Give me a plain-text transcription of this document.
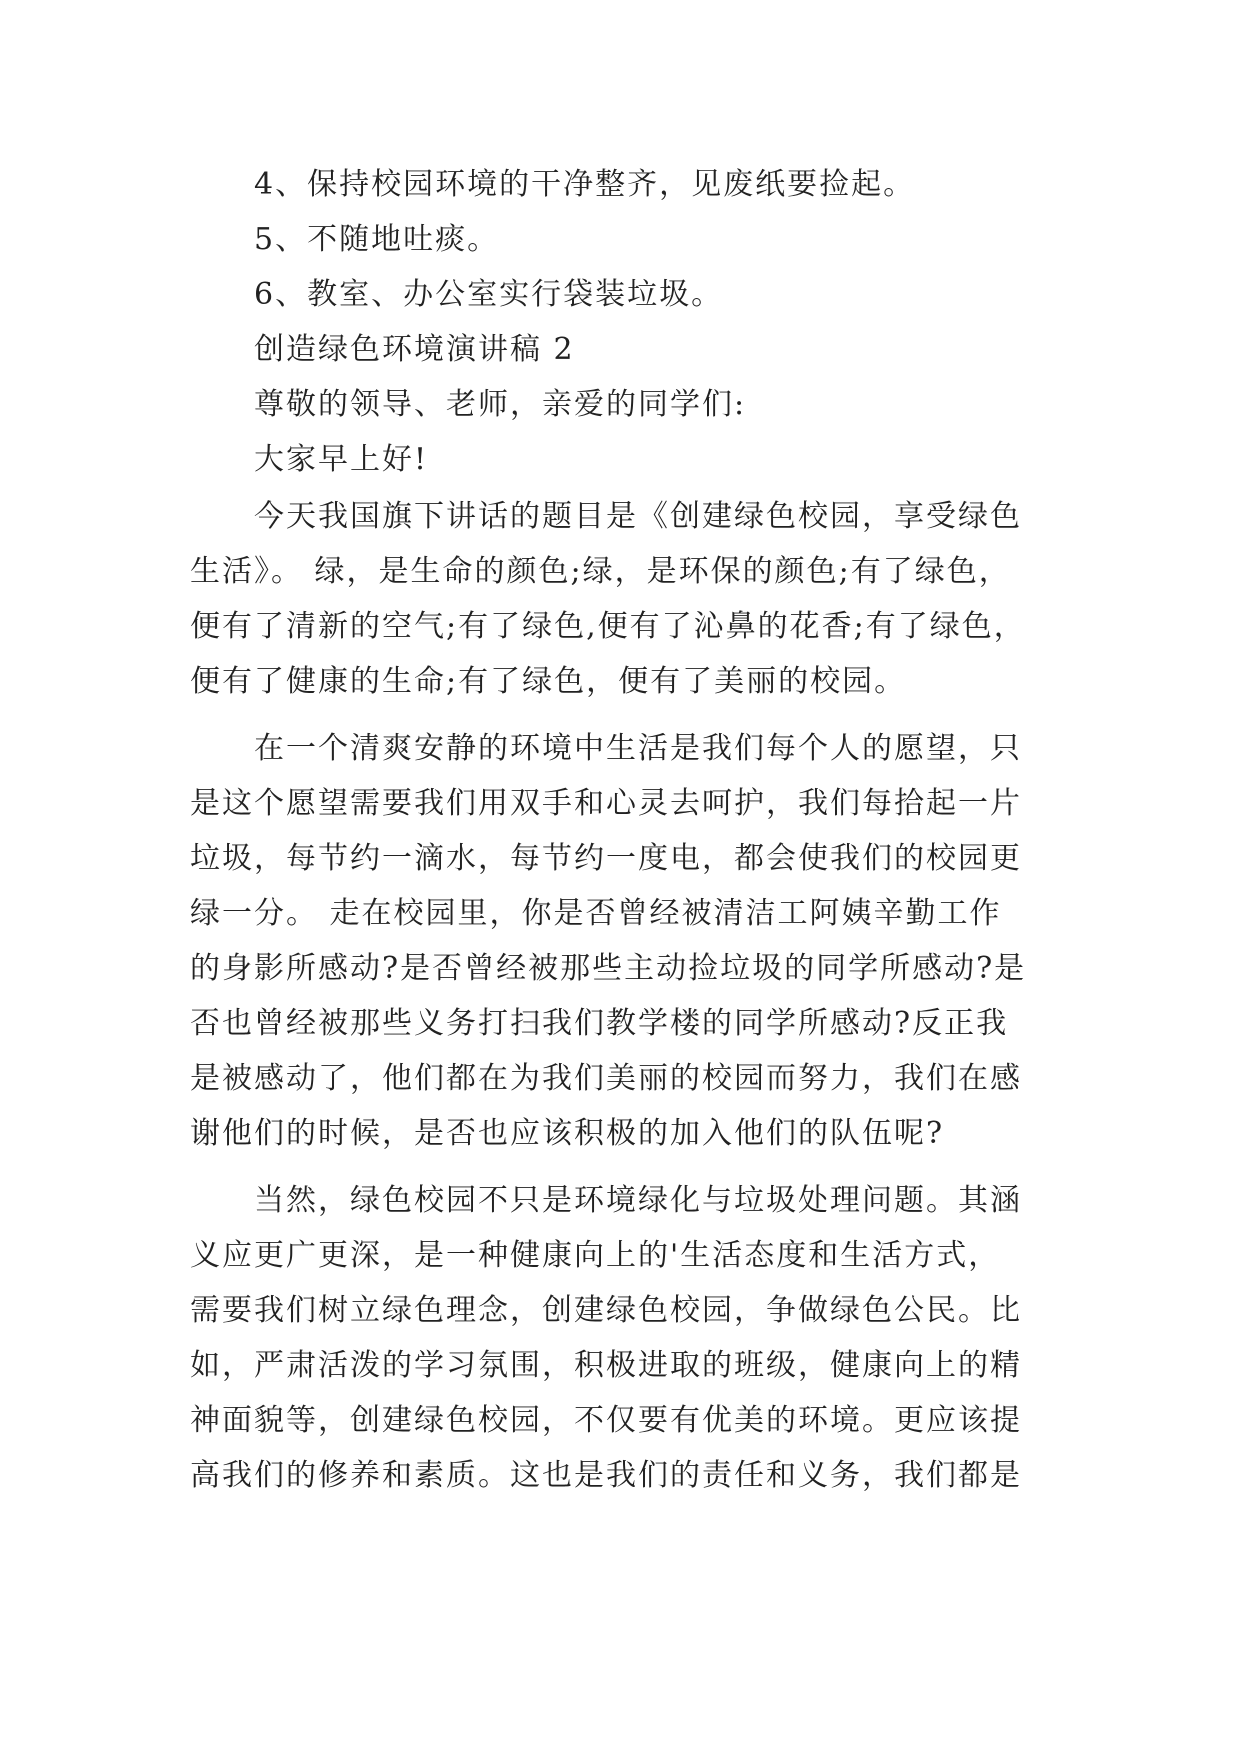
4、保持校园环境的干净整齐，见废纸要捡起。
5、不随地吐痰。
6、教室、办公室实行袋装垃圾。
创造绿色环境演讲稿 2
尊敬的领导、老师，亲爱的同学们:
大家早上好!
今天我国旗下讲话的题目是《创建绿色校园，享受绿色
生活》。 绿，是生命的颜色;绿，是环保的颜色;有了绿色，
便有了清新的空气;有了绿色,便有了沁鼻的花香;有了绿色，
便有了健康的生命;有了绿色，便有了美丽的校园。
在一个清爽安静的环境中生活是我们每个人的愿望，只
是这个愿望需要我们用双手和心灵去呵护，我们每拾起一片
垃圾，每节约一滴水，每节约一度电，都会使我们的校园更
绿一分。 走在校园里，你是否曾经被清洁工阿姨辛勤工作
的身影所感动?是否曾经被那些主动捡垃圾的同学所感动?是
否也曾经被那些义务打扫我们教学楼的同学所感动?反正我
是被感动了，他们都在为我们美丽的校园而努力，我们在感
谢他们的时候，是否也应该积极的加入他们的队伍呢?
当然，绿色校园不只是环境绿化与垃圾处理问题。其涵
义应更广更深，是一种健康向上的'生活态度和生活方式，
需要我们树立绿色理念，创建绿色校园，争做绿色公民。比
如，严肃活泼的学习氛围，积极进取的班级，健康向上的精
神面貌等，创建绿色校园，不仅要有优美的环境。更应该提
高我们的修养和素质。这也是我们的责任和义务，我们都是
